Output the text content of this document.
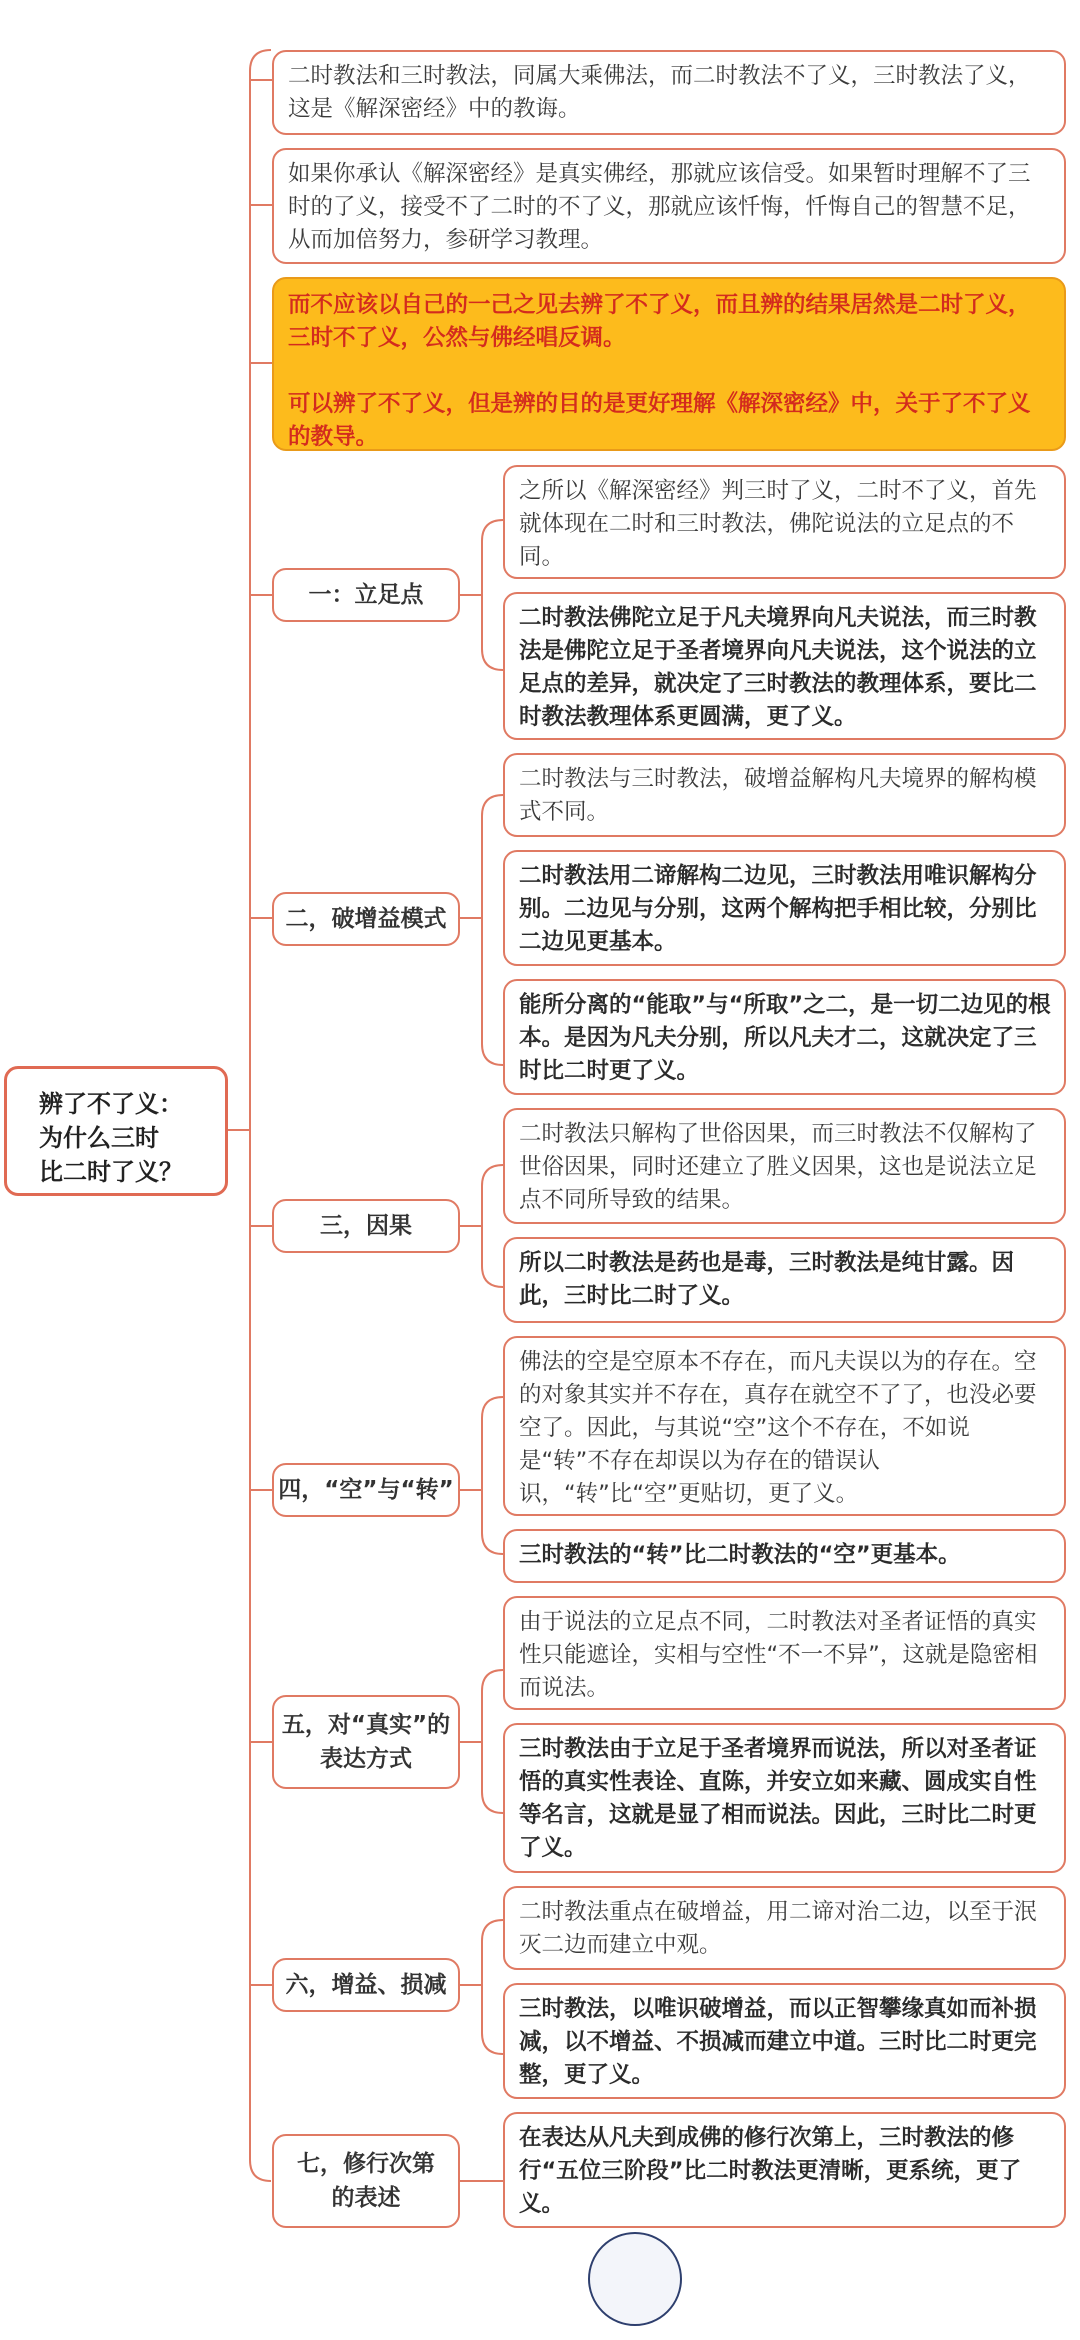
辨了不了义：
为什么三时
比二时了义？
二时教法和三时教法，同属大乘佛法，而二时教法不了义，三时教法了义，这是《解深密经》中的教诲。
如果你承认《解深密经》是真实佛经，那就应该信受。如果暂时理解不了三时的了义，接受不了二时的不了义，那就应该忏悔，忏悔自己的智慧不足，从而加倍努力，参研学习教理。

而不应该以自己的一己之见去辨了不了义，而且辨的结果居然是二时了义，三时不了义，公然与佛经唱反调。

可以辨了不了义，但是辨的目的是更好理解《解深密经》中，关于了不了义的教导。

一：立足点
二，破增益模式
三，因果
四，“空”与“转”
五，对“真实”的
表达方式
六，增益、损减
七，修行次第
的表述
之所以《解深密经》判三时了义，二时不了义，首先就体现在二时和三时教法，佛陀说法的立足点的不同。
二时教法佛陀立足于凡夫境界向凡夫说法，而三时教法是佛陀立足于圣者境界向凡夫说法，这个说法的立足点的差异，就决定了三时教法的教理体系，要比二时教法教理体系更圆满，更了义。
二时教法与三时教法，破增益解构凡夫境界的解构模式不同。
二时教法用二谛解构二边见，三时教法用唯识解构分别。二边见与分别，这两个解构把手相比较，分别比二边见更基本。
能所分离的“能取”与“所取”之二，是一切二边见的根本。是因为凡夫分别，所以凡夫才二，这就决定了三时比二时更了义。
二时教法只解构了世俗因果，而三时教法不仅解构了世俗因果，同时还建立了胜义因果，这也是说法立足点不同所导致的结果。
所以二时教法是药也是毒，三时教法是纯甘露。因此，三时比二时了义。
佛法的空是空原本不存在，而凡夫误以为的存在。空的对象其实并不存在，真存在就空不了了，也没必要空了。因此，与其说“空”这个不存在，不如说是“转”不存在却误以为存在的错误认识，“转”比“空”更贴切，更了义。
三时教法的“转”比二时教法的“空”更基本。
由于说法的立足点不同，二时教法对圣者证悟的真实性只能遮诠，实相与空性“不一不异”，这就是隐密相而说法。
三时教法由于立足于圣者境界而说法，所以对圣者证悟的真实性表诠、直陈，并安立如来藏、圆成实自性等名言，这就是显了相而说法。因此，三时比二时更了义。
二时教法重点在破增益，用二谛对治二边，以至于泯灭二边而建立中观。
三时教法，以唯识破增益，而以正智攀缘真如而补损减，以不增益、不损减而建立中道。三时比二时更完整，更了义。
在表达从凡夫到成佛的修行次第上，三时教法的修行“五位三阶段”比二时教法更清晰，更系统，更了义。
